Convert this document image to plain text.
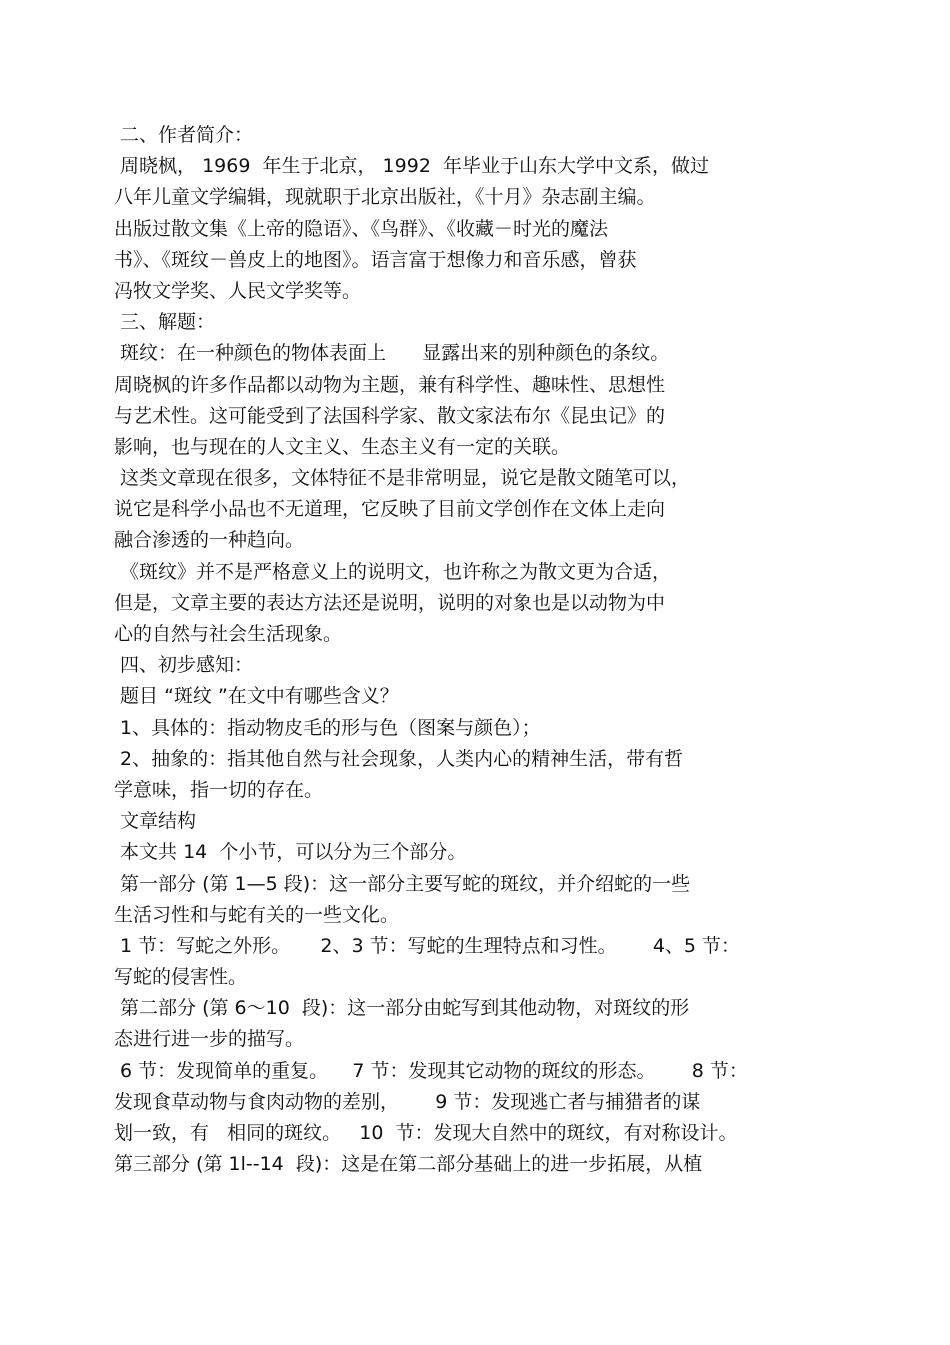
二、作者简介：
周晓枫， 1969  年生于北京， 1992  年毕业于山东大学中文系，做过
八年儿童文学编辑，现就职于北京出版社，《十月》杂志副主编。
出版过散文集《上帝的隐语》、《鸟群》、《收藏－时光的魔法
书》、《斑纹－兽皮上的地图》。语言富于想像力和音乐感，曾获
冯牧文学奖、人民文学奖等。
三、解题：
斑纹：在一种颜色的物体表面上      显露出来的别种颜色的条纹。
周晓枫的许多作品都以动物为主题，兼有科学性、趣味性、思想性
与艺术性。这可能受到了法国科学家、散文家法布尔《昆虫记》的
影响，也与现在的人文主义、生态主义有一定的关联。
这类文章现在很多，文体特征不是非常明显，说它是散文随笔可以，
说它是科学小品也不无道理，它反映了目前文学创作在文体上走向
融合渗透的一种趋向。
《斑纹》并不是严格意义上的说明文，也许称之为散文更为合适，
但是，文章主要的表达方法还是说明，说明的对象也是以动物为中
心的自然与社会生活现象。
四、初步感知：
题目 “斑纹 ”在文中有哪些含义？
1、具体的：指动物皮毛的形与色（图案与颜色）；
2、抽象的：指其他自然与社会现象，人类内心的精神生活，带有哲
学意味，指一切的存在。
文章结构
本文共 14  个小节，可以分为三个部分。
第一部分 (第 1—5 段)：这一部分主要写蛇的斑纹，并介绍蛇的一些
生活习性和与蛇有关的一些文化。
1 节：写蛇之外形。     2、3 节：写蛇的生理特点和习性。      4、5 节：
写蛇的侵害性。
第二部分 (第 6～10  段)：这一部分由蛇写到其他动物，对斑纹的形
态进行进一步的描写。
6 节：发现简单的重复。    7 节：发现其它动物的斑纹的形态。      8 节：
发现食草动物与食肉动物的差别，      9 节：发现逃亡者与捕猎者的谋
划一致，有   相同的斑纹。   10  节：发现大自然中的斑纹，有对称设计。
第三部分 (第 1l--14  段)：这是在第二部分基础上的进一步拓展，从植
